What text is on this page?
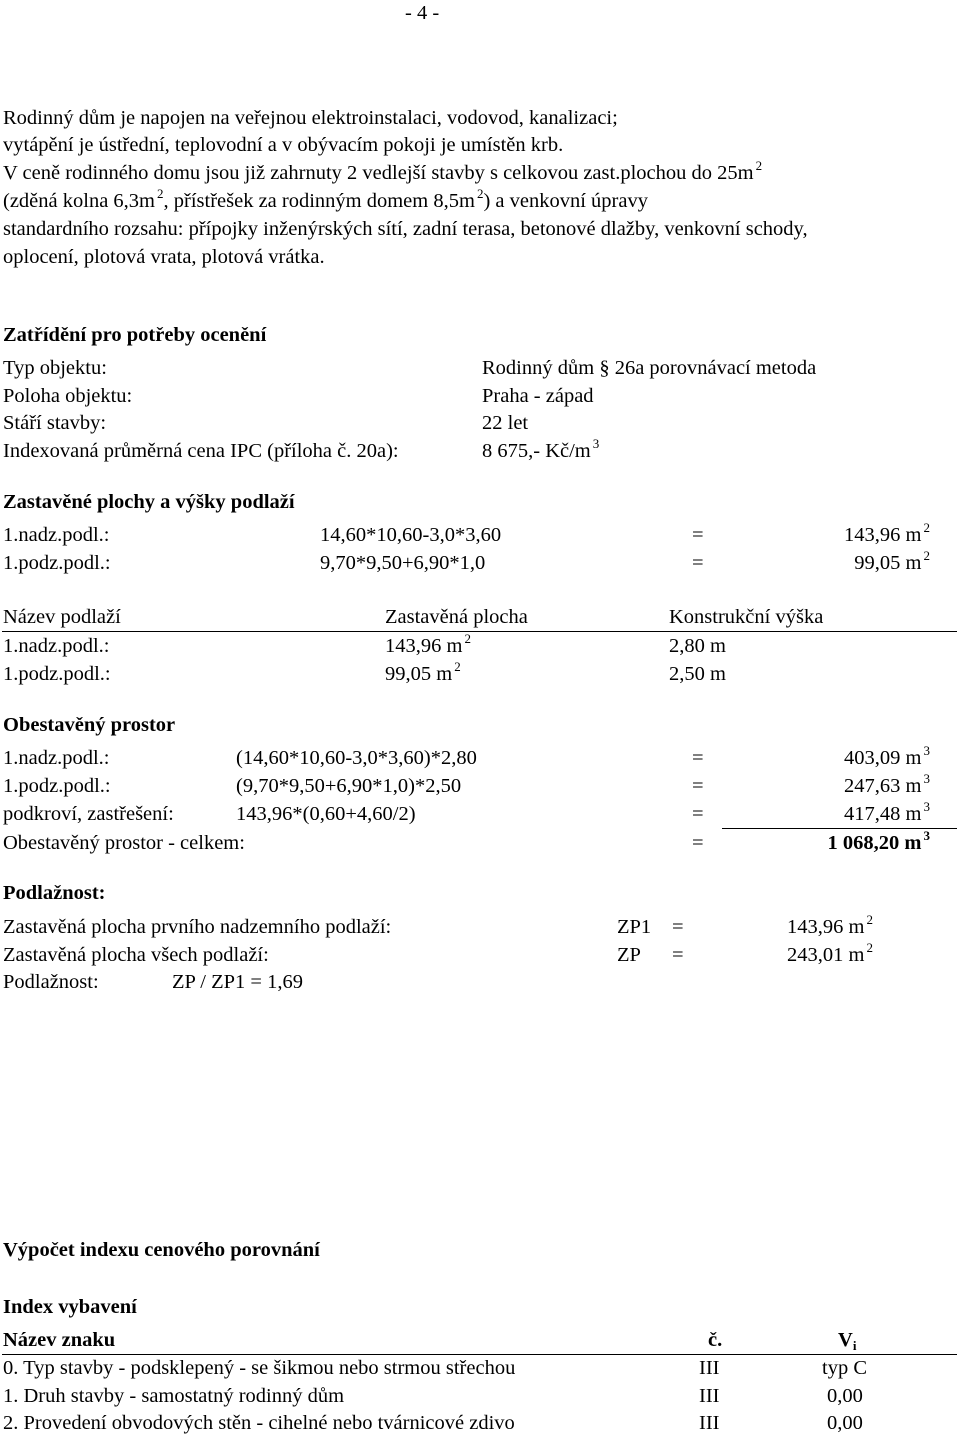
- 4 -
Rodinný dům je napojen na veřejnou elektroinstalaci, vodovod, kanalizaci;
vytápění je ústřední, teplovodní a v obývacím pokoji je umístěn krb.
V ceně rodinného domu jsou již zahrnuty 2 vedlejší stavby s celkovou zast.plochou do 25m $^2$
(zděná kolna 6,3m $^2$, přístřešek za rodinným domem 8,5m $^2$) a venkovní úpravy
standardního rozsahu: přípojky inženýrských sítí, zadní terasa, betonové dlažby, venkovní schody,
oplocení, plotová vrata, plotová vrátka.
Zatřídění pro potřeby ocenění
Typ objektu:	Rodinný dům § 26a porovnávací metoda
Poloha objektu:	Praha - západ
Stáří stavby:	22 let
Indexovaná průměrná cena IPC (příloha č. 20a):	8 675,- Kč/m $^3$
Zastavěné plochy a výšky podlaží
1.nadz.podl.:	14,60*10,60-3,0*3,60	=	143,96 m $^2$
1.podz.podl.:	9,70*9,50+6,90*1,0	=	99,05 m $^2$
Název podlaží	Zastavěná plocha	Konstrukční výška
1.nadz.podl.:	143,96 m $^2$	2,80 m
1.podz.podl.:	99,05 m $^2$	2,50 m
Obestavěný prostor
1.nadz.podl.:	(14,60*10,60-3,0*3,60)*2,80	=	403,09 m $^3$
1.podz.podl.:	(9,70*9,50+6,90*1,0)*2,50	=	247,63 m $^3$
podkroví, zastřešení:	143,96*(0,60+4,60/2)	=	417,48 m $^3$
Obestavěný prostor - celkem:	=	1 068,20 m $^3$
Podlažnost:
Zastavěná plocha prvního nadzemního podlaží:	ZP1 =	143,96 m $^2$
Zastavěná plocha všech podlaží:	ZP =	243,01 m $^2$
Podlažnost:	ZP / ZP1 = 1,69
Výpočet indexu cenového porovnání
Index vybavení
Název znaku	č.	$V_i$
0. Typ stavby - podsklepený - se šikmou nebo strmou střechou	III	typ C
1. Druh stavby - samostatný rodinný dům	III	0,00
2. Provedení obvodových stěn - cihelné nebo tvárnicové zdivo	III	0,00
